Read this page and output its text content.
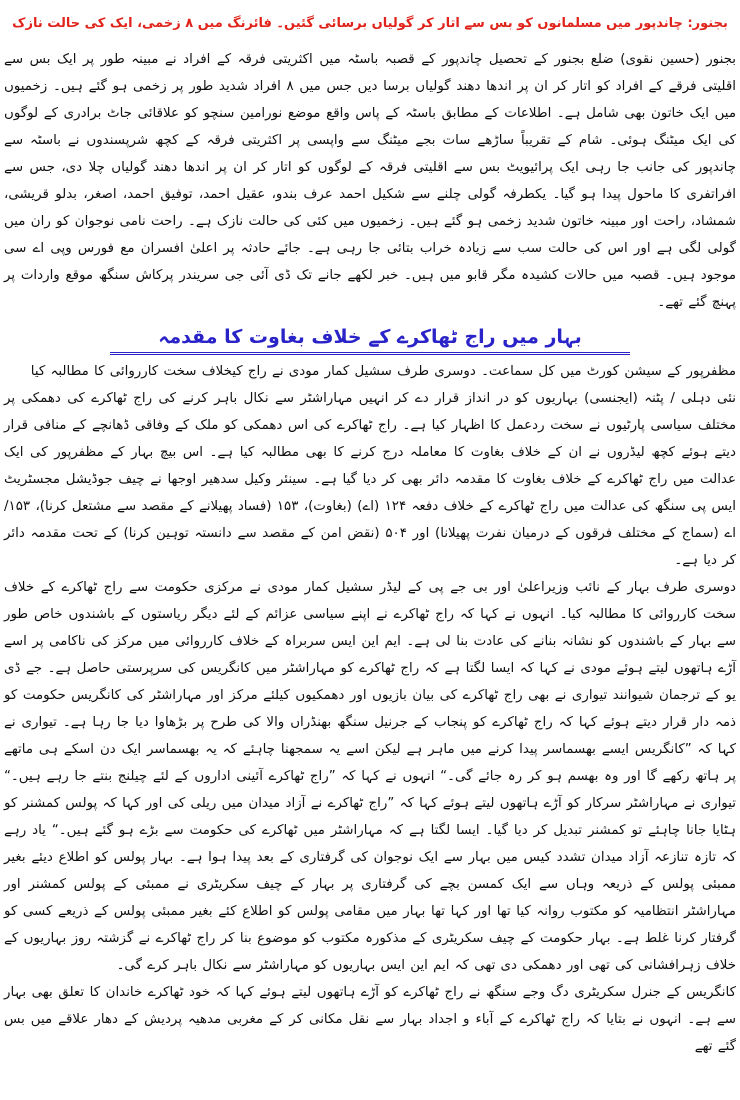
بجنور: چاندپور میں مسلمانوں کو بس سے اتار کر گولیاں برسائی گئیں۔ فائرنگ میں ۸ زخمی، ایک کی حالت نازک

بجنور (حسین نقوی) ضلع بجنور کے تحصیل چاندپور کے قصبہ باسٹہ میں اکثریتی فرقہ کے افراد نے مبینہ طور پر ایک بس سے اقلیتی فرقے کے افراد کو اتار کر ان پر اندھا دھند گولیاں برسا دیں جس میں ۸ افراد شدید طور پر زخمی ہو گئے ہیں۔ زخمیوں میں ایک خاتون بھی شامل ہے۔ اطلاعات کے مطابق باسٹہ کے پاس واقع موضع نورامین سنچو کو علاقائی جاٹ برادری کے لوگوں کی ایک میٹنگ ہوئی۔ شام کے تقریباً ساڑھے سات بجے میٹنگ سے واپسی پر اکثریتی فرقہ کے کچھ شرپسندوں نے باسٹہ سے چاندپور کی جانب جا رہی ایک پرائیویٹ بس سے اقلیتی فرقہ کے لوگوں کو اتار کر ان پر اندھا دھند گولیاں چلا دی، جس سے افراتفری کا ماحول پیدا ہو گیا۔ یکطرفہ گولی چلنے سے شکیل احمد عرف بندو، عقیل احمد، توفیق احمد، اصغر، بدلو قریشی، شمشاد، راحت اور مبینہ خاتون شدید زخمی ہو گئے ہیں۔ زخمیوں میں کئی کی حالت نازک ہے۔ راحت نامی نوجوان کو ران میں گولی لگی ہے اور اس کی حالت سب سے زیادہ خراب بتائی جا رہی ہے۔ جائے حادثہ پر اعلیٰ افسران مع فورس وپی اے سی موجود ہیں۔ قصبہ میں حالات کشیدہ مگر قابو میں ہیں۔ خبر لکھے جانے تک ڈی آئی جی سریندر پرکاش سنگھ موقع واردات پر پہنچ گئے تھے۔

بہار میں راج ٹھاکرے کے خلاف بغاوت کا مقدمہ

مظفرپور کے سیشن کورٹ میں کل سماعت۔ دوسری طرف سشیل کمار مودی نے راج کیخلاف سخت کارروائی کا مطالبہ کیا

نئی دہلی / پٹنہ (ایجنسی) بہاریوں کو در انداز قرار دے کر انہیں مہاراشٹر سے نکال باہر کرنے کی راج ٹھاکرے کی دھمکی پر مختلف سیاسی پارٹیوں نے سخت ردعمل کا اظہار کیا ہے۔ راج ٹھاکرے کی اس دھمکی کو ملک کے وفاقی ڈھانچے کے منافی قرار دیتے ہوئے کچھ لیڈروں نے ان کے خلاف بغاوت کا معاملہ درج کرنے کا بھی مطالبہ کیا ہے۔ اس بیچ بہار کے مظفرپور کی ایک عدالت میں راج ٹھاکرے کے خلاف بغاوت کا مقدمہ دائر بھی کر دیا گیا ہے۔ سینئر وکیل سدھیر اوجھا نے چیف جوڈیشل مجسٹریٹ ایس پی سنگھ کی عدالت میں راج ٹھاکرے کے خلاف دفعہ ۱۲۴ (اے) (بغاوت)، ۱۵۳ (فساد پھیلانے کے مقصد سے مشتعل کرنا)، ۱۵۳/اے (سماج کے مختلف فرقوں کے درمیان نفرت پھیلانا) اور ۵۰۴ (نقض امن کے مقصد سے دانستہ توہین کرنا) کے تحت مقدمہ دائر کر دیا ہے۔

دوسری طرف بہار کے نائب وزیراعلیٰ اور بی جے پی کے لیڈر سشیل کمار مودی نے مرکزی حکومت سے راج ٹھاکرے کے خلاف سخت کارروائی کا مطالبہ کیا۔ انہوں نے کہا کہ راج ٹھاکرے نے اپنے سیاسی عزائم کے لئے دیگر ریاستوں کے باشندوں خاص طور سے بہار کے باشندوں کو نشانہ بنانے کی عادت بنا لی ہے۔ ایم این ایس سربراہ کے خلاف کارروائی میں مرکز کی ناکامی پر اسے آڑے ہاتھوں لیتے ہوئے مودی نے کہا کہ ایسا لگتا ہے کہ راج ٹھاکرے کو مہاراشٹر میں کانگریس کی سرپرستی حاصل ہے۔ جے ڈی یو کے ترجمان شیوانند تیواری نے بھی راج ٹھاکرے کی بیان بازیوں اور دھمکیوں کیلئے مرکز اور مہاراشٹر کی کانگریس حکومت کو ذمہ دار قرار دیتے ہوئے کہا کہ راج ٹھاکرے کو پنجاب کے جرنیل سنگھ بھنڈراں والا کی طرح پر بڑھاوا دیا جا رہا ہے۔ تیواری نے کہا کہ ”کانگریس ایسے بھسماسر پیدا کرنے میں ماہر ہے لیکن اسے یہ سمجھنا چاہئے کہ یہ بھسماسر ایک دن اسکے ہی ماتھے پر ہاتھ رکھے گا اور وہ بھسم ہو کر رہ جائے گی۔“ انہوں نے کہا کہ ”راج ٹھاکرے آئینی اداروں کے لئے چیلنج بنتے جا رہے ہیں۔“ تیواری نے مہاراشٹر سرکار کو آڑے ہاتھوں لیتے ہوئے کہا کہ ”راج ٹھاکرے نے آزاد میدان میں ریلی کی اور کہا کہ پولس کمشنر کو ہٹایا جانا چاہئے تو کمشنر تبدیل کر دیا گیا۔ ایسا لگتا ہے کہ مہاراشٹر میں ٹھاکرے کی حکومت سے بڑے ہو گئے ہیں۔“ یاد رہے کہ تازہ تنازعہ آزاد میدان تشدد کیس میں بہار سے ایک نوجوان کی گرفتاری کے بعد پیدا ہوا ہے۔ بہار پولس کو اطلاع دیئے بغیر ممبئی پولس کے ذریعہ وہاں سے ایک کمسن بچے کی گرفتاری پر بہار کے چیف سکریٹری نے ممبئی کے پولس کمشنر اور مہاراشٹر انتظامیہ کو مکتوب روانہ کیا تھا اور کہا تھا بہار میں مقامی پولس کو اطلاع کئے بغیر ممبئی پولس کے ذریعے کسی کو گرفتار کرنا غلط ہے۔ بہار حکومت کے چیف سکریٹری کے مذکورہ مکتوب کو موضوع بنا کر راج ٹھاکرے نے گزشتہ روز بہاریوں کے خلاف زہرافشانی کی تھی اور دھمکی دی تھی کہ ایم این ایس بہاریوں کو مہاراشٹر سے نکال باہر کرے گی۔

کانگریس کے جنرل سکریٹری دگ وجے سنگھ نے راج ٹھاکرے کو آڑے ہاتھوں لیتے ہوئے کہا کہ خود ٹھاکرے خاندان کا تعلق بھی بہار سے ہے۔ انہوں نے بتایا کہ راج ٹھاکرے کے آباء و اجداد بہار سے نقل مکانی کر کے مغربی مدھیہ پردیش کے دھار علاقے میں بس گئے تھے
